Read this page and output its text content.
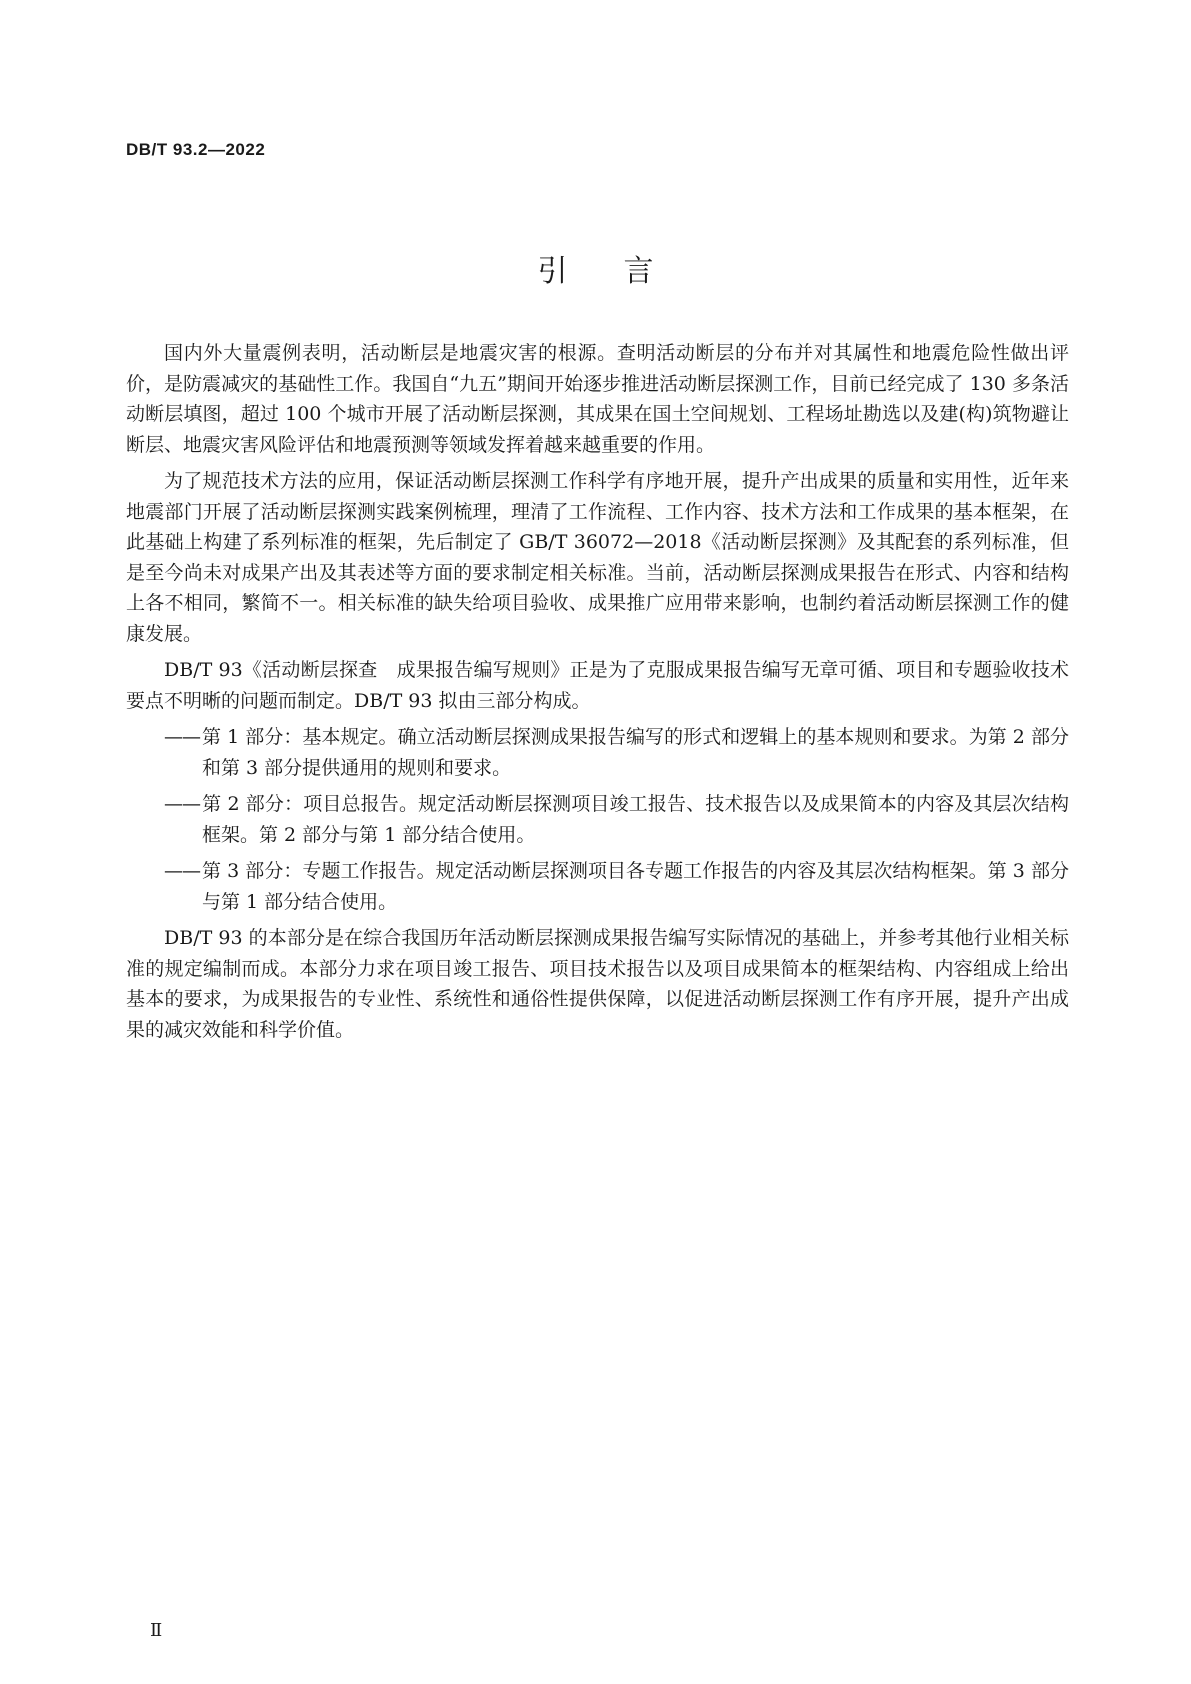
DB/T 93.2—2022
引言

国内外大量震例表明，活动断层是地震灾害的根源。查明活动断层的分布并对其属性和地震危险性做出评价，是防震减灾的基础性工作。我国自“九五”期间开始逐步推进活动断层探测工作，目前已经完成了 130 多条活动断层填图，超过 100 个城市开展了活动断层探测，其成果在国土空间规划、工程场址勘选以及建(构)筑物避让断层、地震灾害风险评估和地震预测等领域发挥着越来越重要的作用。

为了规范技术方法的应用，保证活动断层探测工作科学有序地开展，提升产出成果的质量和实用性，近年来地震部门开展了活动断层探测实践案例梳理，理清了工作流程、工作内容、技术方法和工作成果的基本框架，在此基础上构建了系列标准的框架，先后制定了 GB/T 36072—2018《活动断层探测》及其配套的系列标准，但是至今尚未对成果产出及其表述等方面的要求制定相关标准。当前，活动断层探测成果报告在形式、内容和结构上各不相同，繁简不一。相关标准的缺失给项目验收、成果推广应用带来影响，也制约着活动断层探测工作的健康发展。

DB/T 93《活动断层探查　成果报告编写规则》正是为了克服成果报告编写无章可循、项目和专题验收技术要点不明晰的问题而制定。DB/T 93 拟由三部分构成。

—— 第 1 部分：基本规定。确立活动断层探测成果报告编写的形式和逻辑上的基本规则和要求。为第 2 部分和第 3 部分提供通用的规则和要求。
—— 第 2 部分：项目总报告。规定活动断层探测项目竣工报告、技术报告以及成果简本的内容及其层次结构框架。第 2 部分与第 1 部分结合使用。
—— 第 3 部分：专题工作报告。规定活动断层探测项目各专题工作报告的内容及其层次结构框架。第 3 部分与第 1 部分结合使用。

DB/T 93 的本部分是在综合我国历年活动断层探测成果报告编写实际情况的基础上，并参考其他行业相关标准的规定编制而成。本部分力求在项目竣工报告、项目技术报告以及项目成果简本的框架结构、内容组成上给出基本的要求，为成果报告的专业性、系统性和通俗性提供保障，以促进活动断层探测工作有序开展，提升产出成果的减灾效能和科学价值。

Ⅱ
